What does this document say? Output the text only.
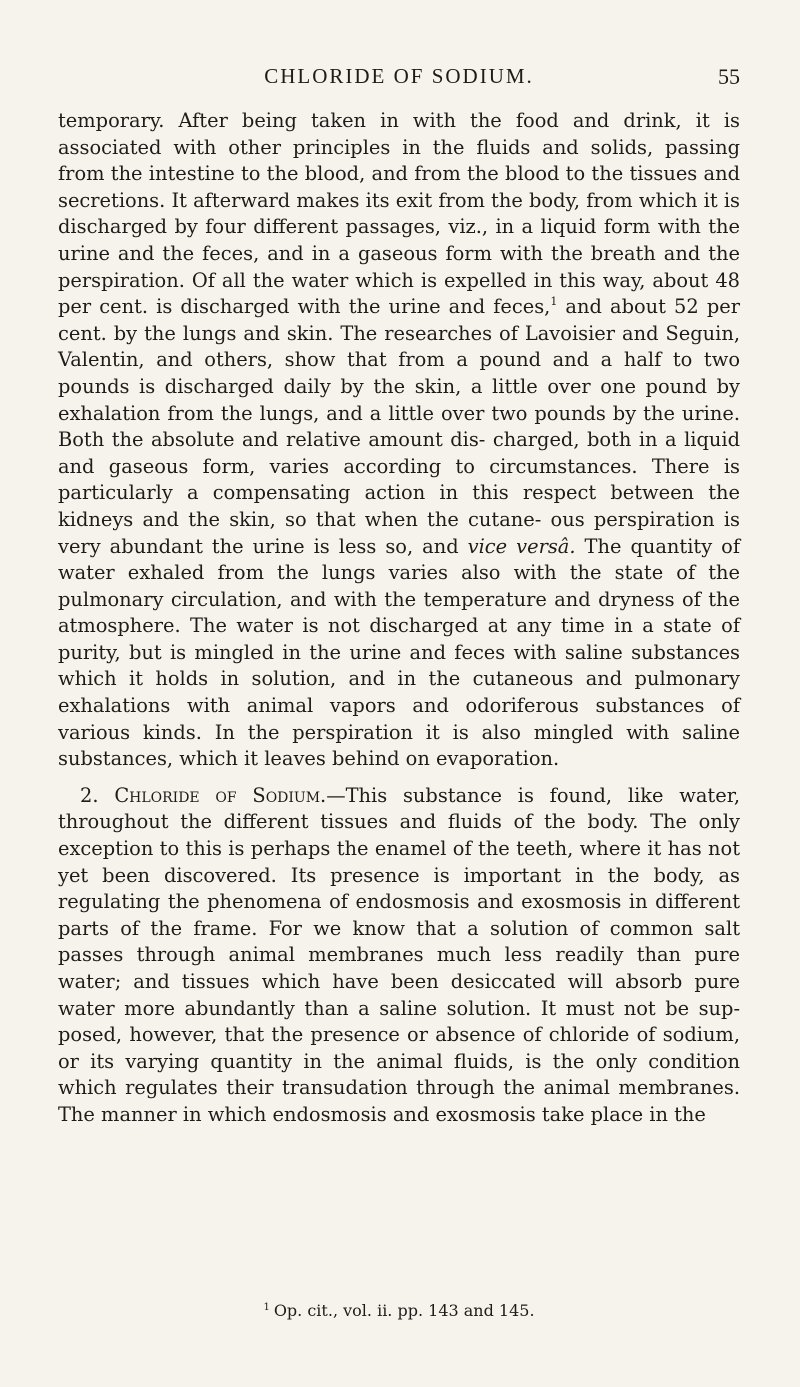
CHLORIDE OF SODIUM.	55

temporary. After being taken in with the food and drink, it is associated with other principles in the fluids and solids, passing from the intestine to the blood, and from the blood to the tissues and secretions. It afterward makes its exit from the body, from which it is discharged by four different passages, viz., in a liquid form with the urine and the feces, and in a gaseous form with the breath and the perspiration. Of all the water which is expelled in this way, about 48 per cent. is discharged with the urine and feces,$^1$ and about 52 per cent. by the lungs and skin. The researches of Lavoisier and Seguin, Valentin, and others, show that from a pound and a half to two pounds is discharged daily by the skin, a little over one pound by exhalation from the lungs, and a little over two pounds by the urine. Both the absolute and relative amount dis- charged, both in a liquid and gaseous form, varies according to circumstances. There is particularly a compensating action in this respect between the kidneys and the skin, so that when the cutane- ous perspiration is very abundant the urine is less so, and vice versâ. The quantity of water exhaled from the lungs varies also with the state of the pulmonary circulation, and with the temperature and dryness of the atmosphere. The water is not discharged at any time in a state of purity, but is mingled in the urine and feces with saline substances which it holds in solution, and in the cutaneous and pulmonary exhalations with animal vapors and odoriferous substances of various kinds. In the perspiration it is also mingled with saline substances, which it leaves behind on evaporation.

2. Chloride of Sodium.—This substance is found, like water, throughout the different tissues and fluids of the body. The only exception to this is perhaps the enamel of the teeth, where it has not yet been discovered. Its presence is important in the body, as regulating the phenomena of endosmosis and exosmosis in different parts of the frame. For we know that a solution of common salt passes through animal membranes much less readily than pure water; and tissues which have been desiccated will absorb pure water more abundantly than a saline solution. It must not be sup- posed, however, that the presence or absence of chloride of sodium, or its varying quantity in the animal fluids, is the only condition which regulates their transudation through the animal membranes. The manner in which endosmosis and exosmosis take place in the

$^1$ Op. cit., vol. ii. pp. 143 and 145.
